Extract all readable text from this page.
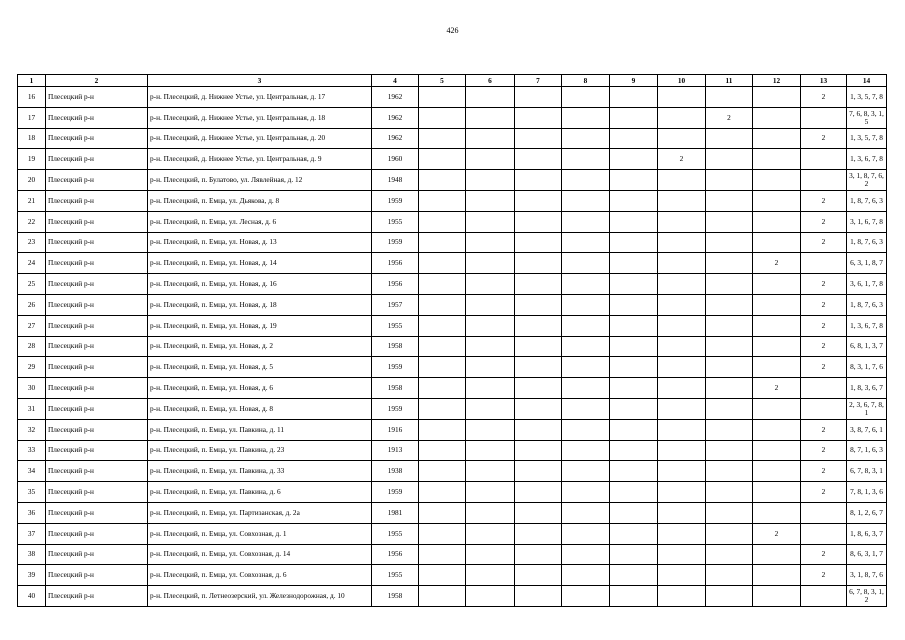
426
1	2	3	4	5	6	7	8	9	10	11	12	13	14
16	Плесецкий р-н	р-н. Плесецкий, д. Нижнее Устье, ул. Центральная, д. 17	1962									2	1, 3, 5, 7, 8
17	Плесецкий р-н	р-н. Плесецкий, д. Нижнее Устье, ул. Центральная, д. 18	1962							2			7, 6, 8, 3, 1, 5
18	Плесецкий р-н	р-н. Плесецкий, д. Нижнее Устье, ул. Центральная, д. 20	1962									2	1, 3, 5, 7, 8
19	Плесецкий р-н	р-н. Плесецкий, д. Нижнее Устье, ул. Центральная, д. 9	1960						2				1, 3, 6, 7, 8
20	Плесецкий р-н	р-н. Плесецкий, п. Булатово, ул. Лявлейная, д. 12	1948										3, 1, 8, 7, 6, 2
21	Плесецкий р-н	р-н. Плесецкий, п. Емца, ул. Дьякова, д. 8	1959									2	1, 8, 7, 6, 3
22	Плесецкий р-н	р-н. Плесецкий, п. Емца, ул. Лесная, д. 6	1955									2	3, 1, 6, 7, 8
23	Плесецкий р-н	р-н. Плесецкий, п. Емца, ул. Новая, д. 13	1959									2	1, 8, 7, 6, 3
24	Плесецкий р-н	р-н. Плесецкий, п. Емца, ул. Новая, д. 14	1956								2		6, 3, 1, 8, 7
25	Плесецкий р-н	р-н. Плесецкий, п. Емца, ул. Новая, д. 16	1956									2	3, 6, 1, 7, 8
26	Плесецкий р-н	р-н. Плесецкий, п. Емца, ул. Новая, д. 18	1957									2	1, 8, 7, 6, 3
27	Плесецкий р-н	р-н. Плесецкий, п. Емца, ул. Новая, д. 19	1955									2	1, 3, 6, 7, 8
28	Плесецкий р-н	р-н. Плесецкий, п. Емца, ул. Новая, д. 2	1958									2	6, 8, 1, 3, 7
29	Плесецкий р-н	р-н. Плесецкий, п. Емца, ул. Новая, д. 5	1959									2	8, 3, 1, 7, 6
30	Плесецкий р-н	р-н. Плесецкий, п. Емца, ул. Новая, д. 6	1958								2		1, 8, 3, 6, 7
31	Плесецкий р-н	р-н. Плесецкий, п. Емца, ул. Новая, д. 8	1959										2, 3, 6, 7, 8, 1
32	Плесецкий р-н	р-н. Плесецкий, п. Емца, ул. Павкина, д. 11	1916									2	3, 8, 7, 6, 1
33	Плесецкий р-н	р-н. Плесецкий, п. Емца, ул. Павкина, д. 23	1913									2	8, 7, 1, 6, 3
34	Плесецкий р-н	р-н. Плесецкий, п. Емца, ул. Павкина, д. 33	1938									2	6, 7, 8, 3, 1
35	Плесецкий р-н	р-н. Плесецкий, п. Емца, ул. Павкина, д. 6	1959									2	7, 8, 1, 3, 6
36	Плесецкий р-н	р-н. Плесецкий, п. Емца, ул. Партизанская, д. 2а	1981										8, 1, 2, 6, 7
37	Плесецкий р-н	р-н. Плесецкий, п. Емца, ул. Совхозная, д. 1	1955								2		1, 8, 6, 3, 7
38	Плесецкий р-н	р-н. Плесецкий, п. Емца, ул. Совхозная, д. 14	1956									2	8, 6, 3, 1, 7
39	Плесецкий р-н	р-н. Плесецкий, п. Емца, ул. Совхозная, д. 6	1955									2	3, 1, 8, 7, 6
40	Плесецкий р-н	р-н. Плесецкий, п. Летнеозерский, ул. Железнодорожная, д. 10	1958										6, 7, 8, 3, 1, 2
